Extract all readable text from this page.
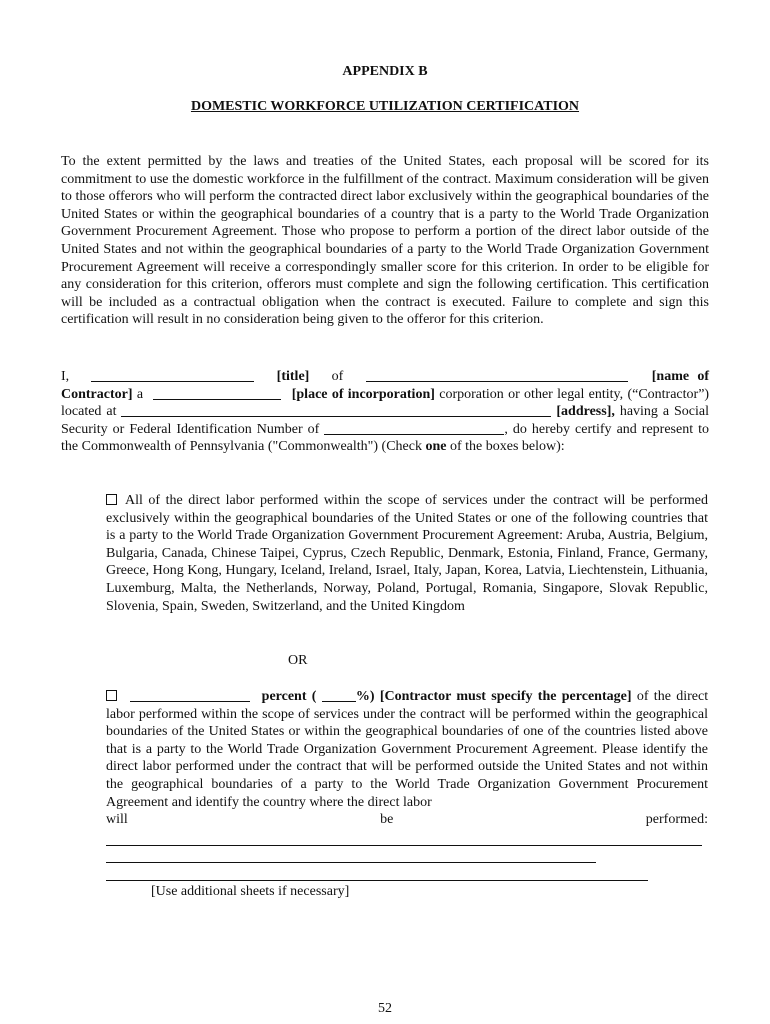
APPENDIX B
DOMESTIC WORKFORCE UTILIZATION CERTIFICATION
To the extent permitted by the laws and treaties of the United States, each proposal will be scored for its commitment to use the domestic workforce in the fulfillment of the contract. Maximum consideration will be given to those offerors who will perform the contracted direct labor exclusively within the geographical boundaries of the United States or within the geographical boundaries of a country that is a party to the World Trade Organization Government Procurement Agreement. Those who propose to perform a portion of the direct labor outside of the United States and not within the geographical boundaries of a party to the World Trade Organization Government Procurement Agreement will receive a correspondingly smaller score for this criterion. In order to be eligible for any consideration for this criterion, offerors must complete and sign the following certification. This certification will be included as a contractual obligation when the contract is executed. Failure to complete and sign this certification will result in no consideration being given to the offeror for this criterion.
I,	[title] of	[name of Contractor] a	[place of incorporation] corporation or other legal entity, (“Contractor”) located at	[address], having a Social Security or Federal Identification Number of	, do hereby certify and represent to the Commonwealth of Pennsylvania ("Commonwealth") (Check one of the boxes below):
All of the direct labor performed within the scope of services under the contract will be performed exclusively within the geographical boundaries of the United States or one of the following countries that is a party to the World Trade Organization Government Procurement Agreement: Aruba, Austria, Belgium, Bulgaria, Canada, Chinese Taipei, Cyprus, Czech Republic, Denmark, Estonia, Finland, France, Germany, Greece, Hong Kong, Hungary, Iceland, Ireland, Israel, Italy, Japan, Korea, Latvia, Liechtenstein, Lithuania, Luxemburg, Malta, the Netherlands, Norway, Poland, Portugal, Romania, Singapore, Slovak Republic, Slovenia, Spain, Sweden, Switzerland, and the United Kingdom
OR
percent (	%) [Contractor must specify the percentage] of the direct labor performed within the scope of services under the contract will be performed within the geographical boundaries of the United States or within the geographical boundaries of one of the countries listed above that is a party to the World Trade Organization Government Procurement Agreement. Please identify the direct labor performed under the contract that will be performed outside the United States and not within the geographical boundaries of a party to the World Trade Organization Government Procurement Agreement and identify the country where the direct labor
will	be	performed:
[Use additional sheets if necessary]
52
